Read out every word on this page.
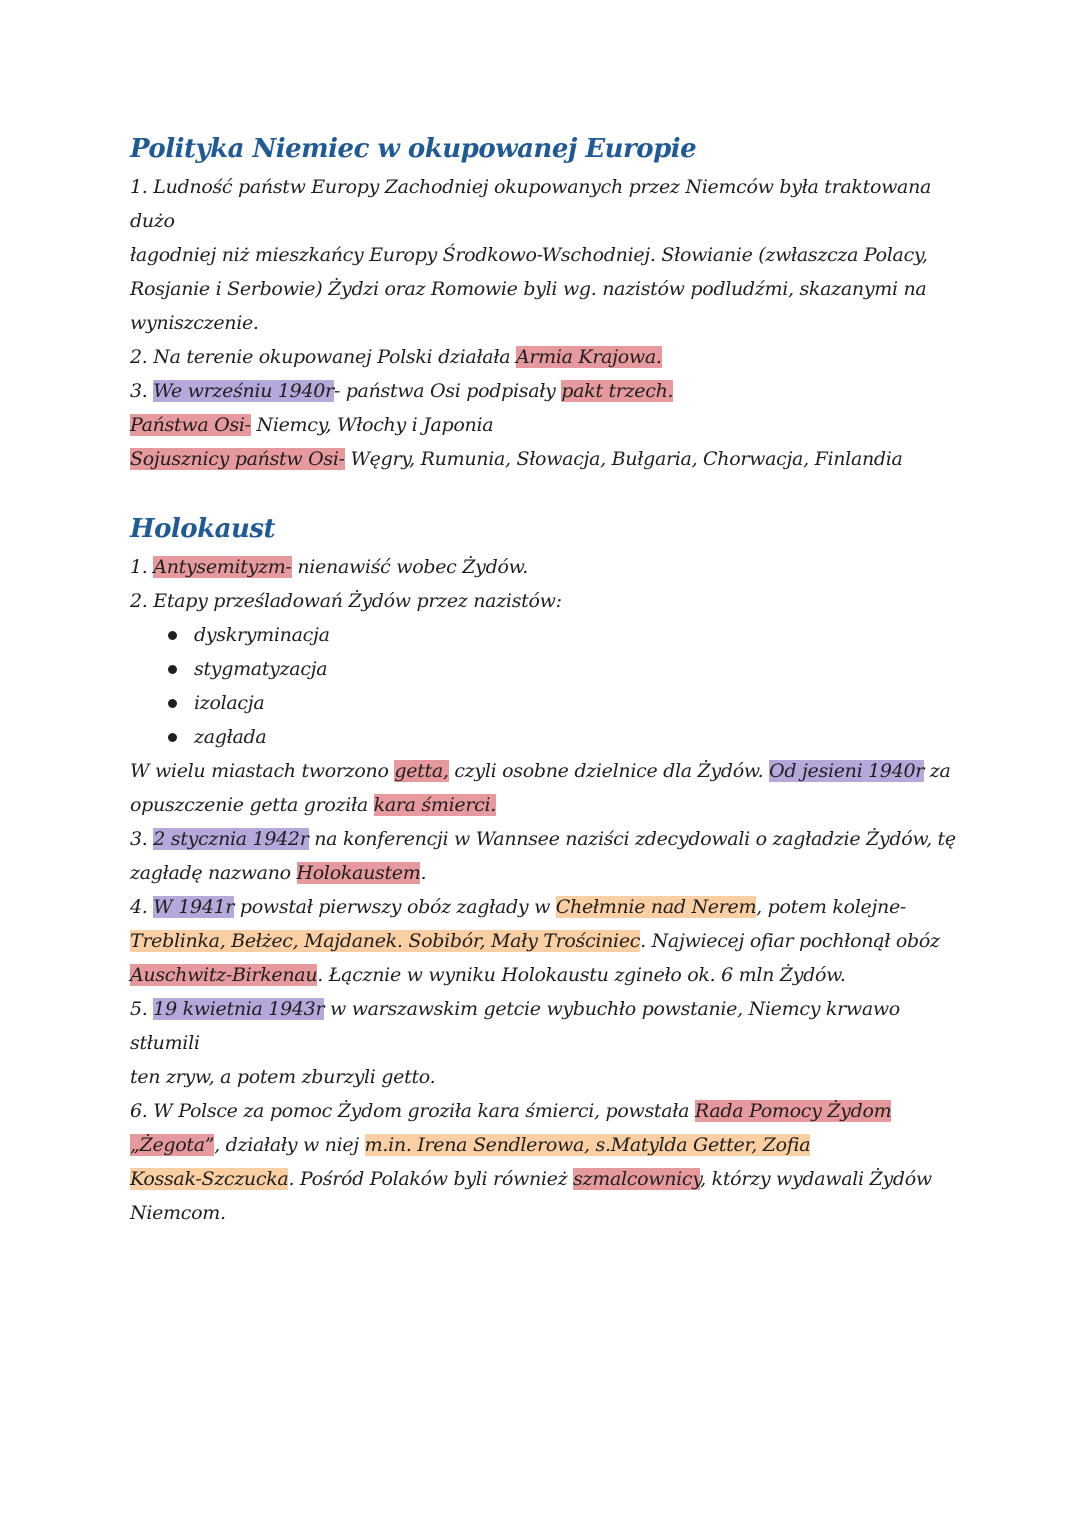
Polityka Niemiec w okupowanej Europie
1. Ludność państw Europy Zachodniej okupowanych przez Niemców była traktowana dużo
łagodniej niż mieszkańcy Europy Środkowo-Wschodniej. Słowianie (zwłaszcza Polacy,
Rosjanie i Serbowie) Żydzi oraz Romowie byli wg. nazistów podludźmi, skazanymi na
wyniszczenie.
2. Na terenie okupowanej Polski działała Armia Krajowa.
3. We wrześniu 1940r- państwa Osi podpisały pakt trzech.
Państwa Osi- Niemcy, Włochy i Japonia
Sojusznicy państw Osi- Węgry, Rumunia, Słowacja, Bułgaria, Chorwacja, Finlandia
Holokaust
1. Antysemityzm- nienawiść wobec Żydów.
2. Etapy prześladowań Żydów przez nazistów:
dyskryminacja
stygmatyzacja
izolacja
zagłada
W wielu miastach tworzono getta, czyli osobne dzielnice dla Żydów. Od jesieni 1940r za
opuszczenie getta groziła kara śmierci.
3. 2 stycznia 1942r na konferencji w Wannsee naziści zdecydowali o zagładzie Żydów, tę
zagładę nazwano Holokaustem.
4. W 1941r powstał pierwszy obóz zagłady w Chełmnie nad Nerem, potem kolejne-
Treblinka, Bełżec, Majdanek. Sobibór, Mały Trościniec. Najwiecej ofiar pochłonął obóz
Auschwitz-Birkenau. Łącznie w wyniku Holokaustu zgineło ok. 6 mln Żydów.
5. 19 kwietnia 1943r w warszawskim getcie wybuchło powstanie, Niemcy krwawo stłumili
ten zryw, a potem zburzyli getto.
6. W Polsce za pomoc Żydom groziła kara śmierci, powstała Rada Pomocy Żydom
„Żegota”, działały w niej m.in. Irena Sendlerowa, s.Matylda Getter, Zofia
Kossak-Szczucka. Pośród Polaków byli również szmalcownicy, którzy wydawali Żydów
Niemcom.
